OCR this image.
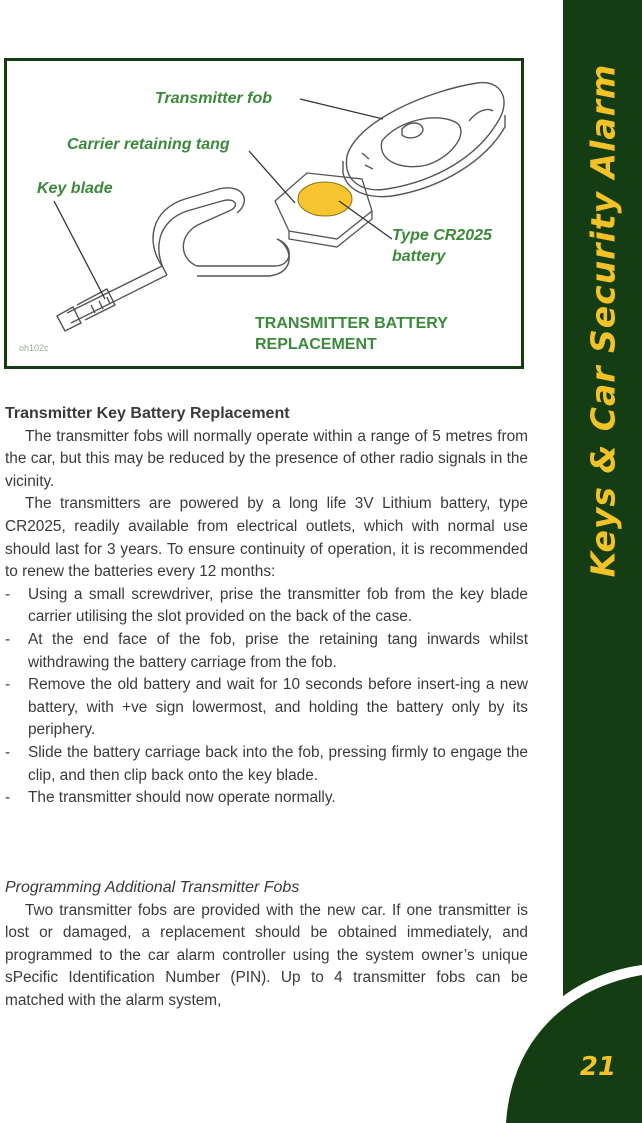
Keys & Car Security Alarm
21
Transmitter fob
Carrier retaining tang
Key blade
Type CR2025
battery
TRANSMITTER BATTERY
REPLACEMENT
oh102c
Transmitter Key Battery Replacement

The transmitter fobs will normally operate within a range of 5 metres from the car, but this may be reduced by the presence of other radio signals in the vicinity.

The transmitters are powered by a long life 3V Lithium battery, type CR2025, readily available from electrical outlets, which with normal use should last for 3 years. To ensure continuity of operation, it is recommended to renew the batteries every 12 months:

- Using a small screwdriver, prise the transmitter fob from the key blade carrier utilising the slot provided on the back of the case.
- At the end face of the fob, prise the retaining tang inwards whilst withdrawing the battery carriage from the fob.
- Remove the old battery and wait for 10 seconds before insert-ing a new battery, with +ve sign lowermost, and holding the battery only by its periphery.
- Slide the battery carriage back into the fob, pressing firmly to engage the clip, and then clip back onto the key blade.
- The transmitter should now operate normally.
Programming Additional Transmitter Fobs

Two transmitter fobs are provided with the new car. If one transmitter is lost or damaged, a replacement should be obtained immediately, and programmed to the car alarm controller using the system owner’s unique sPecific Identification Number (PIN). Up to 4 transmitter fobs can be matched with the alarm system,
